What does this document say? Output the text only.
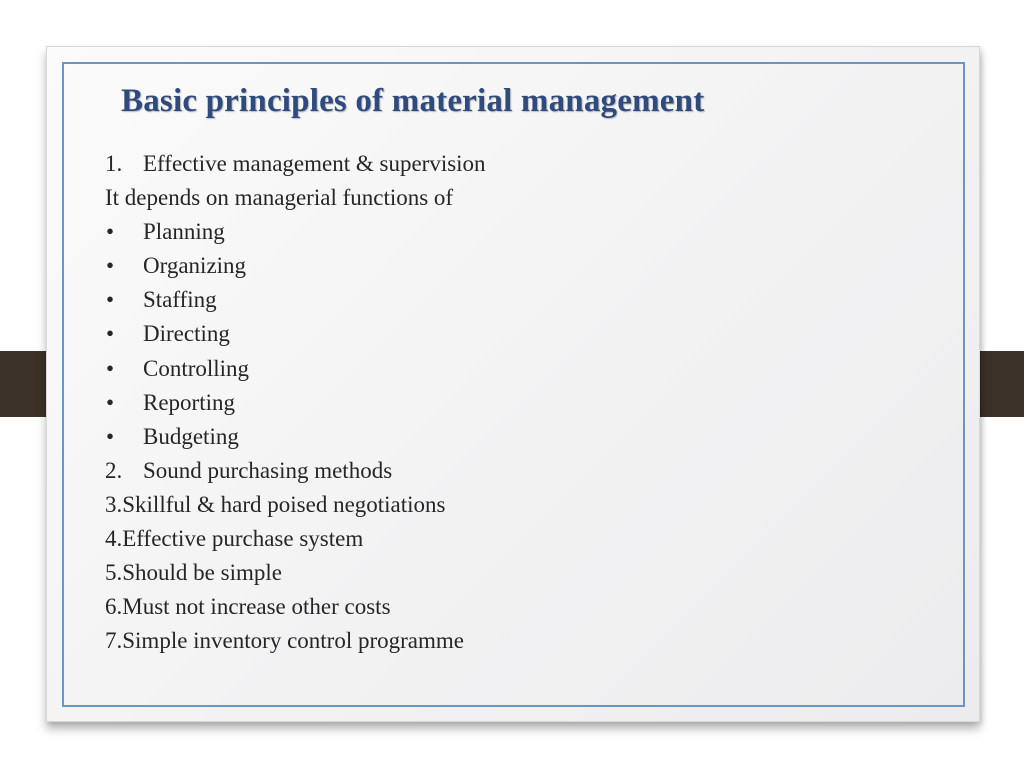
Basic principles of material management
1. Effective management & supervision
It depends on managerial functions of
• Planning
• Organizing
• Staffing
• Directing
• Controlling
• Reporting
• Budgeting
2. Sound purchasing methods
3.Skillful & hard poised negotiations
4.Effective purchase system
5.Should be simple
6.Must not increase other costs
7.Simple inventory control programme
